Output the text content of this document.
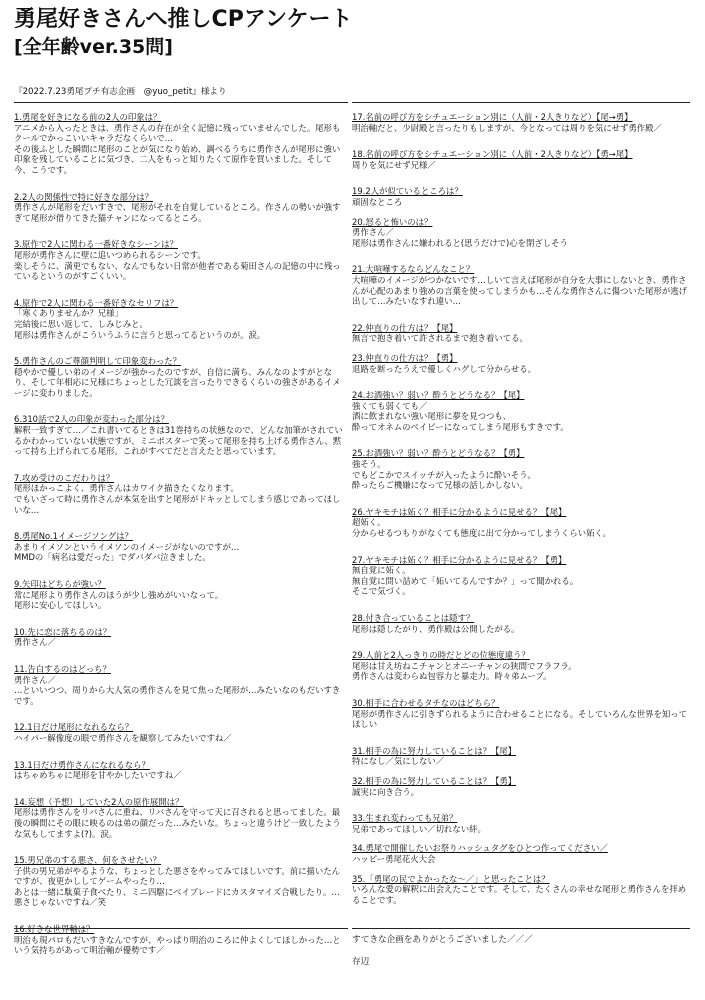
勇尾好きさんへ推しCPアンケート
[全年齢ver.35問]
『2022.7.23勇尾プチ有志企画　@yuo_petit』様より
1.勇尾を好きになる前の2人の印象は？
アニメから入ったときは、勇作さんの存在が全く記憶に残っていませんでした。尾形もクールでかっこいいキャラだなくらいで…
その後ふとした瞬間に尾形のことが気になり始め、調べるうちに勇作さんが尾形に強い印象を残していることに気づき、二人をもっと知りたくて原作を買いました。そして今、こうです。
2.2人の関係性で特に好きな部分は？
勇作さんが尾形をだいすきで、尾形がそれを自覚しているところ。作さんの勢いが強すぎて尾形が借りてきた猫チャンになってるところ。
3.原作で2人に関わる一番好きなシーンは？
尾形が勇作さんに壁に追いつめられるシーンです。
楽しそうに、満更でもない、なんでもない日常が他者である菊田さんの記憶の中に残っているというのがすごくいい。
4.原作で2人に関わる一番好きなセリフは？
「寒くありませんか？兄様」
完結後に思い返して、しみじみと。
尾形は勇作さんがこういうふうに言うと思ってるというのが。涙。
5.勇作さんのご尊顔判明して印象変わった？
穏やかで優しい弟のイメージが強かったのですが、自信に満ち、みんなのよすがとなり、そして年相応に兄様にちょっとした冗談を言ったりできるくらいの強さがあるイメージに変わりました。
6.310話で2人の印象が変わった部分は？
解釈一致すぎて…／これ書いてるときは31巻持ちの状態なので、どんな加筆がされているかわかっていない状態ですが、ミニポスターで笑って尾形を持ち上げる勇作さん、黙って持ち上げられてる尾形。これがすべてだと言えたと思っています。
7.攻め受けのこだわりは？
尾形ほかっこよく、勇作さんはカワイク描きたくなります。
でもいざって時に勇作さんが本気を出すと尾形がドキッとしてしまう感じであってほしいな…
8.勇尾No.1イメージソングは？
あまりイメソンというイメソンのイメージがないのですが…
MMDの「病名は愛だった」でダバダバ泣きました。
9.矢印はどちらが強い？
常に尾形より勇作さんのほうが少し強めがいいなって。
尾形に安心してほしい。
10.先に恋に落ちるのは？
勇作さん／
11.告白するのはどっち？
勇作さん／
…といいつつ、周りから大人気の勇作さんを見て焦った尾形が…みたいなのもだいすきです。
12.1日だけ尾形になれるなら？
ハイパー解像度の眼で勇作さんを観察してみたいですね／
13.1日だけ勇作さんになれるなら？
はちゃめちゃに尾形を甘やかしたいですね／
14.妄想（予想）していた2人の原作展開は？
尾形は勇作さんをリバさんに重ね、リバさんを守って天に召されると思ってました。最後の瞬間にその眼に映るのは弟の顔だった…みたいな。ちょっと違うけど一致したような気もしてますよ(?)。涙。
15.男兄弟のする悪さ、何をさせたい？
子供の男兄弟がやるような、ちょっとした悪さをやってみてほしいです。前に描いたんですが、夜更かししてゲームやったり…
あとは一緒に駄菓子食べたり、ミニ四駆にベイブレードにカスタマイズ合戦したり。…悪さじゃないですね／笑
16.好きな世界軸は？
明治も現パロもだいすきなんですが、やっぱり明治のころに仲よくしてほしかった…という気持ちがあって明治軸が優勢です／
17.名前の呼び方をシチュエーション別に（人前・2人きりなど）【尾→勇】
明治軸だと、少尉殿と言ったりもしますが、今となっては周りを気にせず勇作殿／
18.名前の呼び方をシチュエーション別に（人前・2人きりなど）【勇→尾】
周りを気にせず兄様／
19.2人が似ているところは？
頑固なところ
20.怒ると怖いのは？
勇作さん／
尾形は勇作さんに嫌われると(思うだけで)心を閉ざしそう
21.大喧嘩するならどんなこと？
大喧嘩のイメージがつかないです…しいて言えば尾形が自分を大事にしないとき、勇作さんが心配のあまり強めの言葉を使ってしまうかも…そんな勇作さんに傷ついた尾形が逃げ出して…みたいなすれ違い…
22.仲直りの仕方は？【尾】
無言で抱き着いて許されるまで抱き着いてる。
23.仲直りの仕方は？【勇】
退路を断ったうえで優しくハグして分からせる。
24.お酒強い？弱い？酔うとどうなる？【尾】
強くても弱くても／
酒に飲まれない強い尾形に夢を見つつも、
酔ってオネムのベイビーになってしまう尾形もすきです。
25.お酒強い？弱い？酔うとどうなる？【勇】
強そう。
でもどこかでスイッチが入ったように酔いそう。
酔ったらご機嫌になって兄様の話しかしない。
26.ヤキモチは妬く？相手に分かるように見せる？【尾】
超妬く。
分からせるつもりがなくても態度に出て分かってしまうくらい妬く。
27.ヤキモチは妬く？相手に分かるように見せる？【勇】
無自覚に妬く。
無自覚に問い詰めて「妬いてるんですか？」って聞かれる。
そこで気づく。
28.付き合っていることは隠す？
尾形は隠したがり、勇作殿は公開したがる。
29.人前と2人っきりの時だとどの位態度違う？
尾形は甘え坊ねこチャンとオニーチャンの狭間でフラフラ。
勇作さんは変わらぬ包容力と暴走力。時々弟ムーブ。
30.相手に合わせるタチなのはどちら？
尾形が勇作さんに引きずられるように合わせることになる。そしていろんな世界を知ってほしい
31.相手の為に努力していることは？【尾】
特になし／気にしない／
32.相手の為に努力していることは？【勇】
誠実に向き合う。
33.生まれ変わっても兄弟？
兄弟であってほしい／切れない絆。
34.勇尾で開催したいお祭りハッシュタグをひとつ作ってください／
ハッピー勇尾花火大会
35.「勇尾の民でよかったな〜／」と思ったことは？
いろんな愛の解釈に出会えたことです。そして、たくさんの幸せな尾形と勇作さんを拝めることです。
すてきな企画をありがとうございました／／／
存辺
